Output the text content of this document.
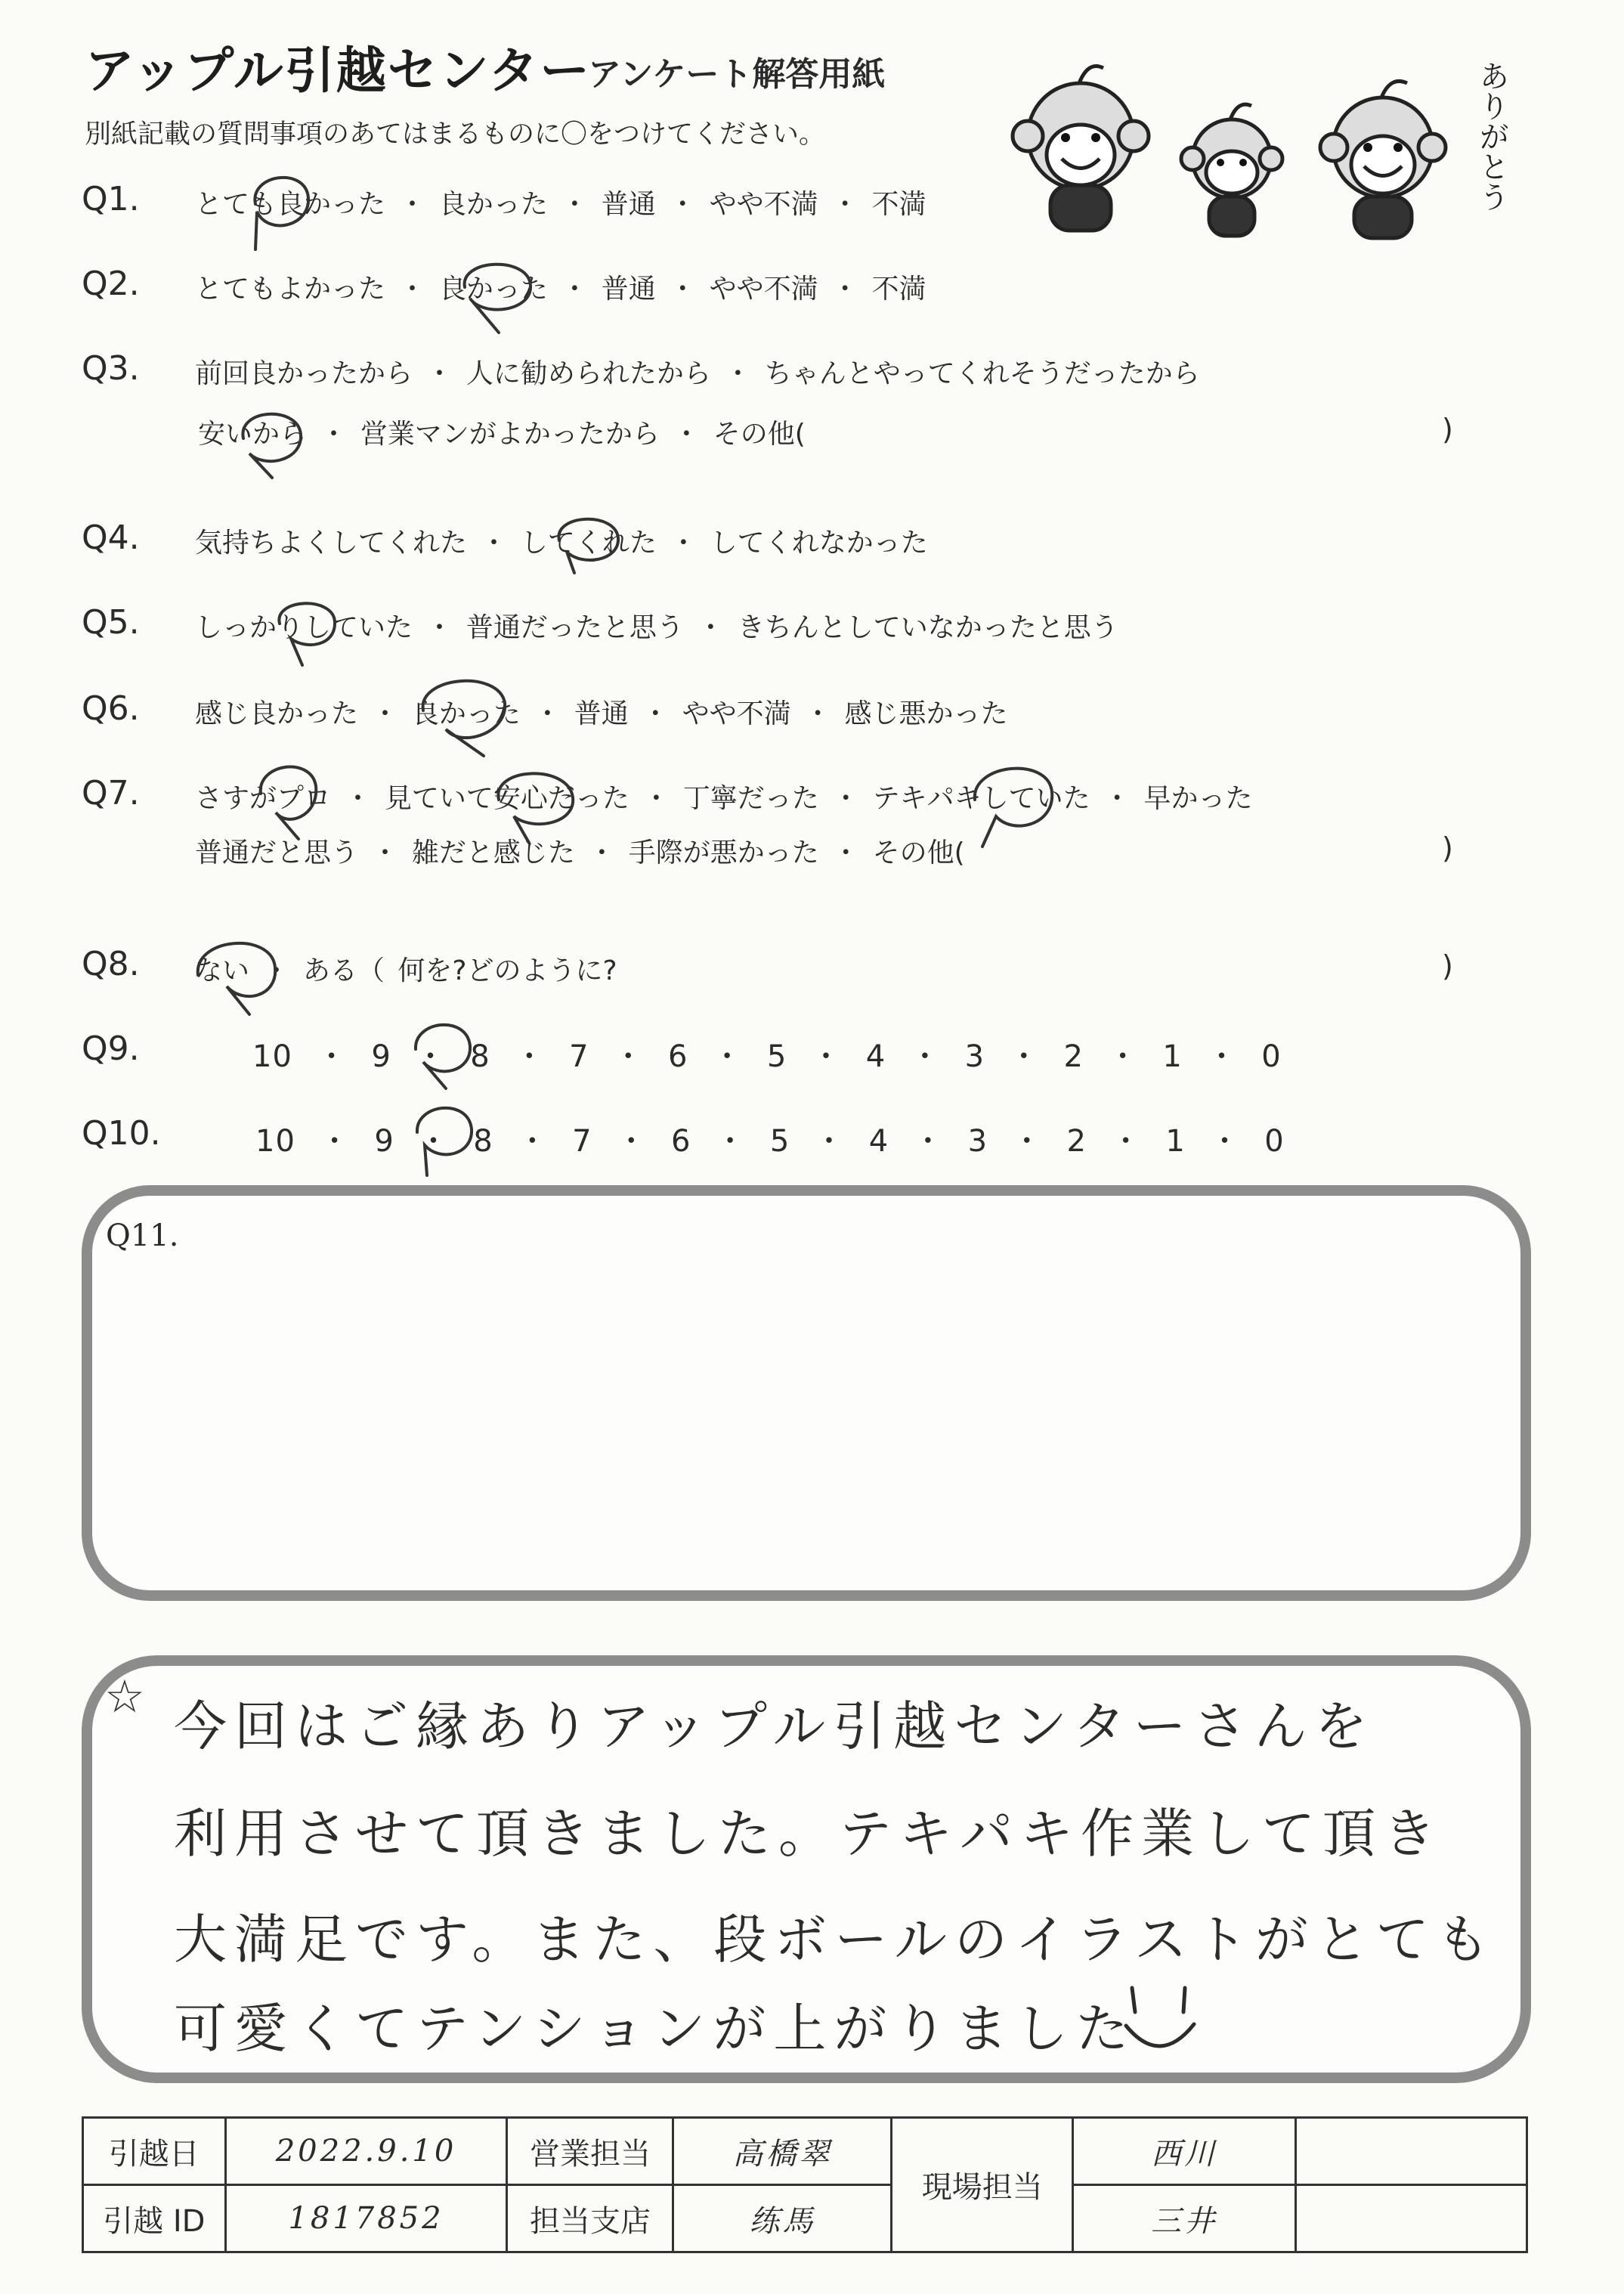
アップル引越センター
アンケート解答用紙
別紙記載の質問事項のあてはまるものに〇をつけてください。	ありがとう
Q1. とても良かった ・ 良かった ・ 普通 ・ やや不満 ・ 不満
Q2. とてもよかった ・ 良かった ・ 普通 ・ やや不満 ・ 不満
Q3. 前回良かったから ・ 人に勧められたから ・ ちゃんとやってくれそうだったから
安いから ・ 営業マンがよかったから ・ その他(	)
Q4. 気持ちよくしてくれた ・ してくれた ・ してくれなかった
Q5. しっかりしていた ・ 普通だったと思う ・ きちんとしていなかったと思う
Q6. 感じ良かった ・ 良かった ・ 普通 ・ やや不満 ・ 感じ悪かった
Q7. さすがプロ ・ 見ていて安心だった ・ 丁寧だった ・ テキパキしていた ・ 早かった
普通だと思う ・ 雑だと感じた ・ 手際が悪かった ・ その他(	)
Q8. ない ・ ある（ 何を?どのように?	)
Q9.	10 ・ 9 ・ 8 ・ 7 ・ 6 ・ 5 ・ 4 ・ 3 ・ 2 ・ 1 ・ 0
Q10.	10 ・ 9 ・ 8 ・ 7 ・ 6 ・ 5 ・ 4 ・ 3 ・ 2 ・ 1 ・ 0
Q11.
☆ 今回はご縁ありアップル引越センターさんを
利用させて頂きました。テキパキ作業して頂き
大満足です。また、段ボールのイラストがとても
可愛くてテンションが上がりました
引越日	2022.9.10	営業担当	高橋翠	現場担当	西川	
引越 ID	1817852	担当支店	练馬		三井	
